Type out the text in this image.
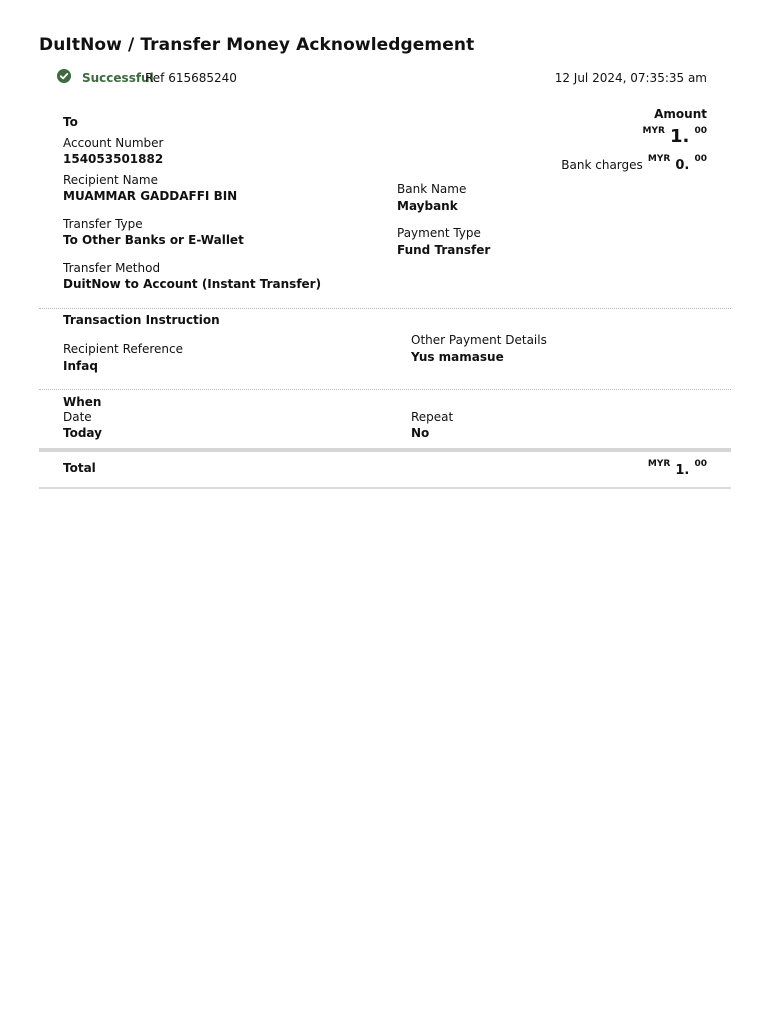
DuItNow / Transfer Money Acknowledgement
Successful
Ref 615685240	12 Jul 2024, 07:35:35 am
To
Account Number
154053501882
Recipient Name
MUAMMAR GADDAFFI BIN
Transfer Type
To Other Banks or E-Wallet
Transfer Method
DuitNow to Account (Instant Transfer)
Bank Name
Maybank
Payment Type
Fund Transfer
Amount
$^{MYR}$ 1. $^{00}$
Bank charges $^{MYR}$ 0. $^{00}$
Transaction Instruction
Recipient Reference
Infaq
Other Payment Details
Yus mamasue
When
Date
Today
Repeat
No
Total	$^{MYR}$ 1. $^{00}$
